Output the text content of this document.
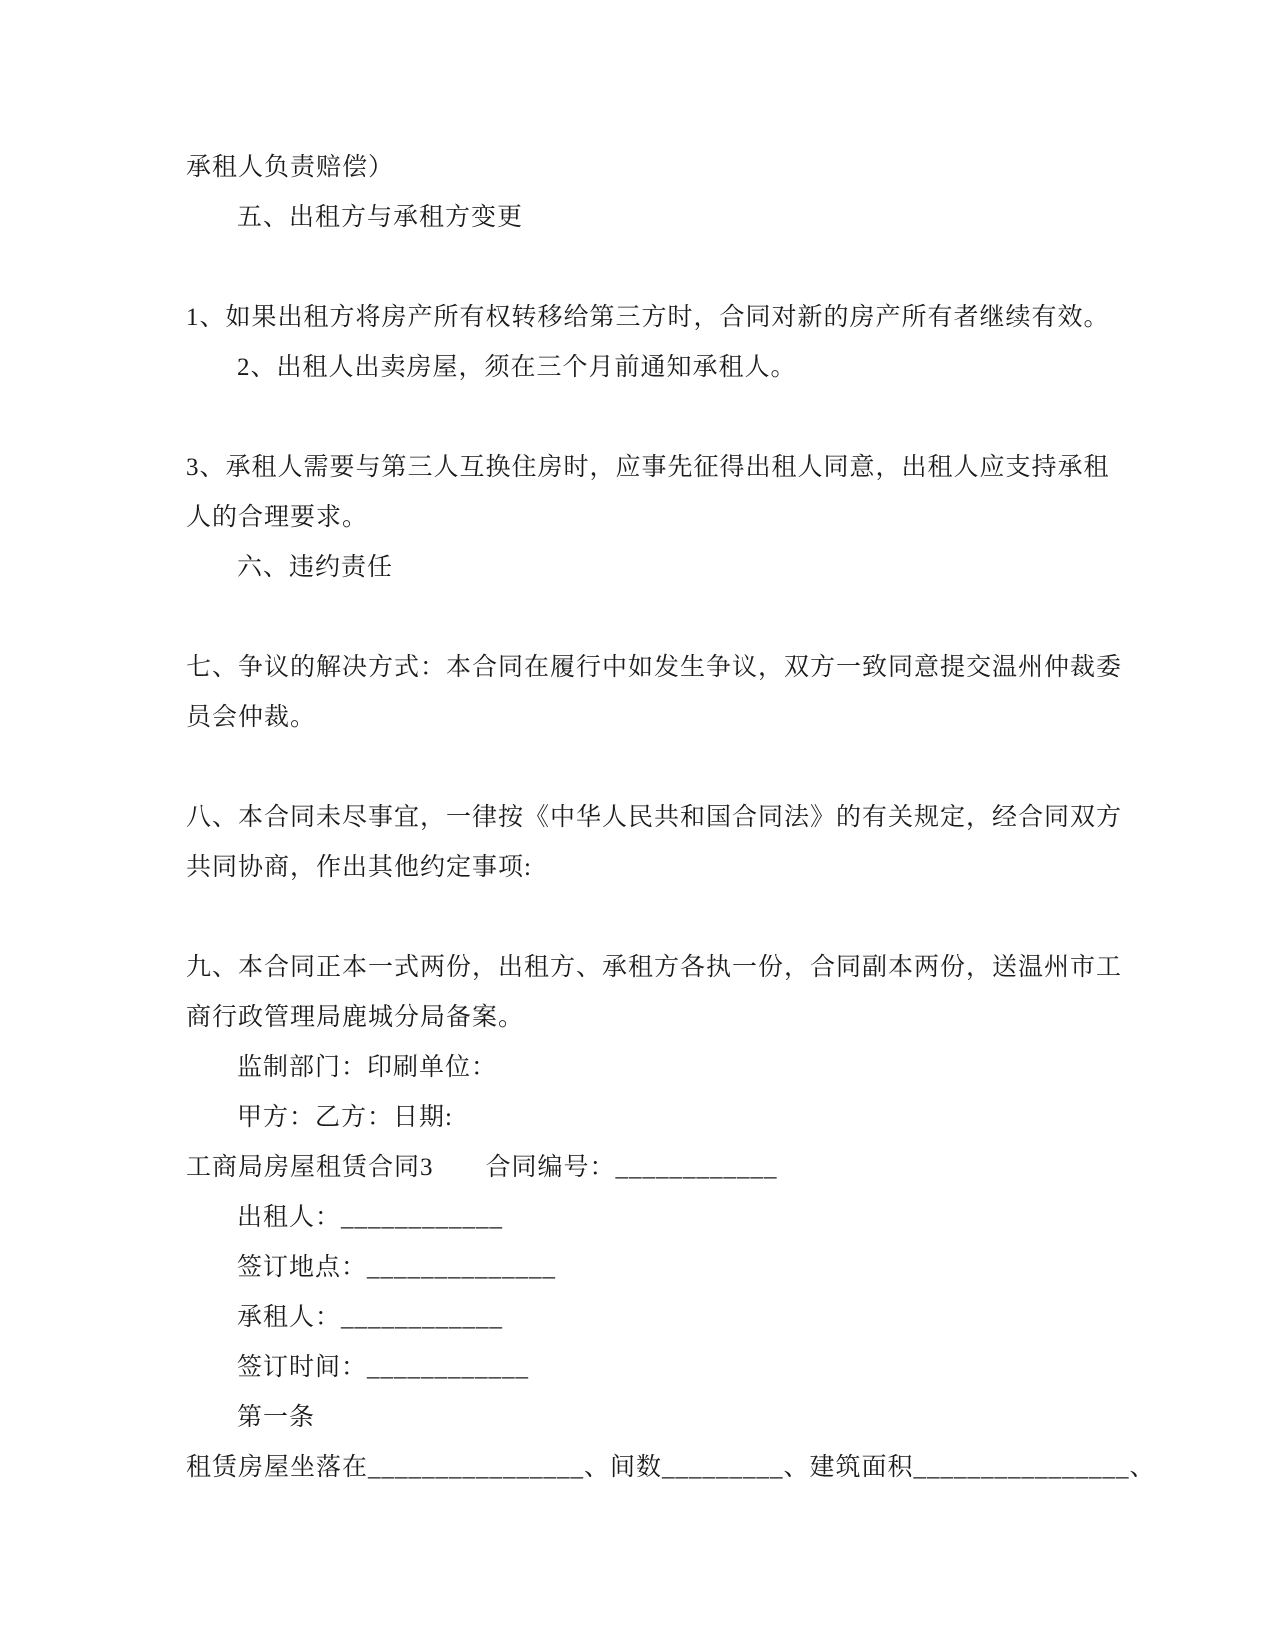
承租人负责赔偿）
五、出租方与承租方变更
1、如果出租方将房产所有权转移给第三方时，合同对新的房产所有者继续有效。
2、出租人出卖房屋，须在三个月前通知承租人。
3、承租人需要与第三人互换住房时，应事先征得出租人同意，出租人应支持承租
人的合理要求。
六、违约责任
七、争议的解决方式：本合同在履行中如发生争议，双方一致同意提交温州仲裁委
员会仲裁。
八、本合同未尽事宜，一律按《中华人民共和国合同法》的有关规定，经合同双方
共同协商，作出其他约定事项:
九、本合同正本一式两份，出租方、承租方各执一份，合同副本两份，送温州市工
商行政管理局鹿城分局备案。
监制部门：印刷单位：
甲方：乙方：日期:
工商局房屋租赁合同3　　合同编号：____________
出租人：____________
签订地点：______________
承租人：____________
签订时间：____________
第一条
租赁房屋坐落在________________、间数_________、建筑面积________________、
